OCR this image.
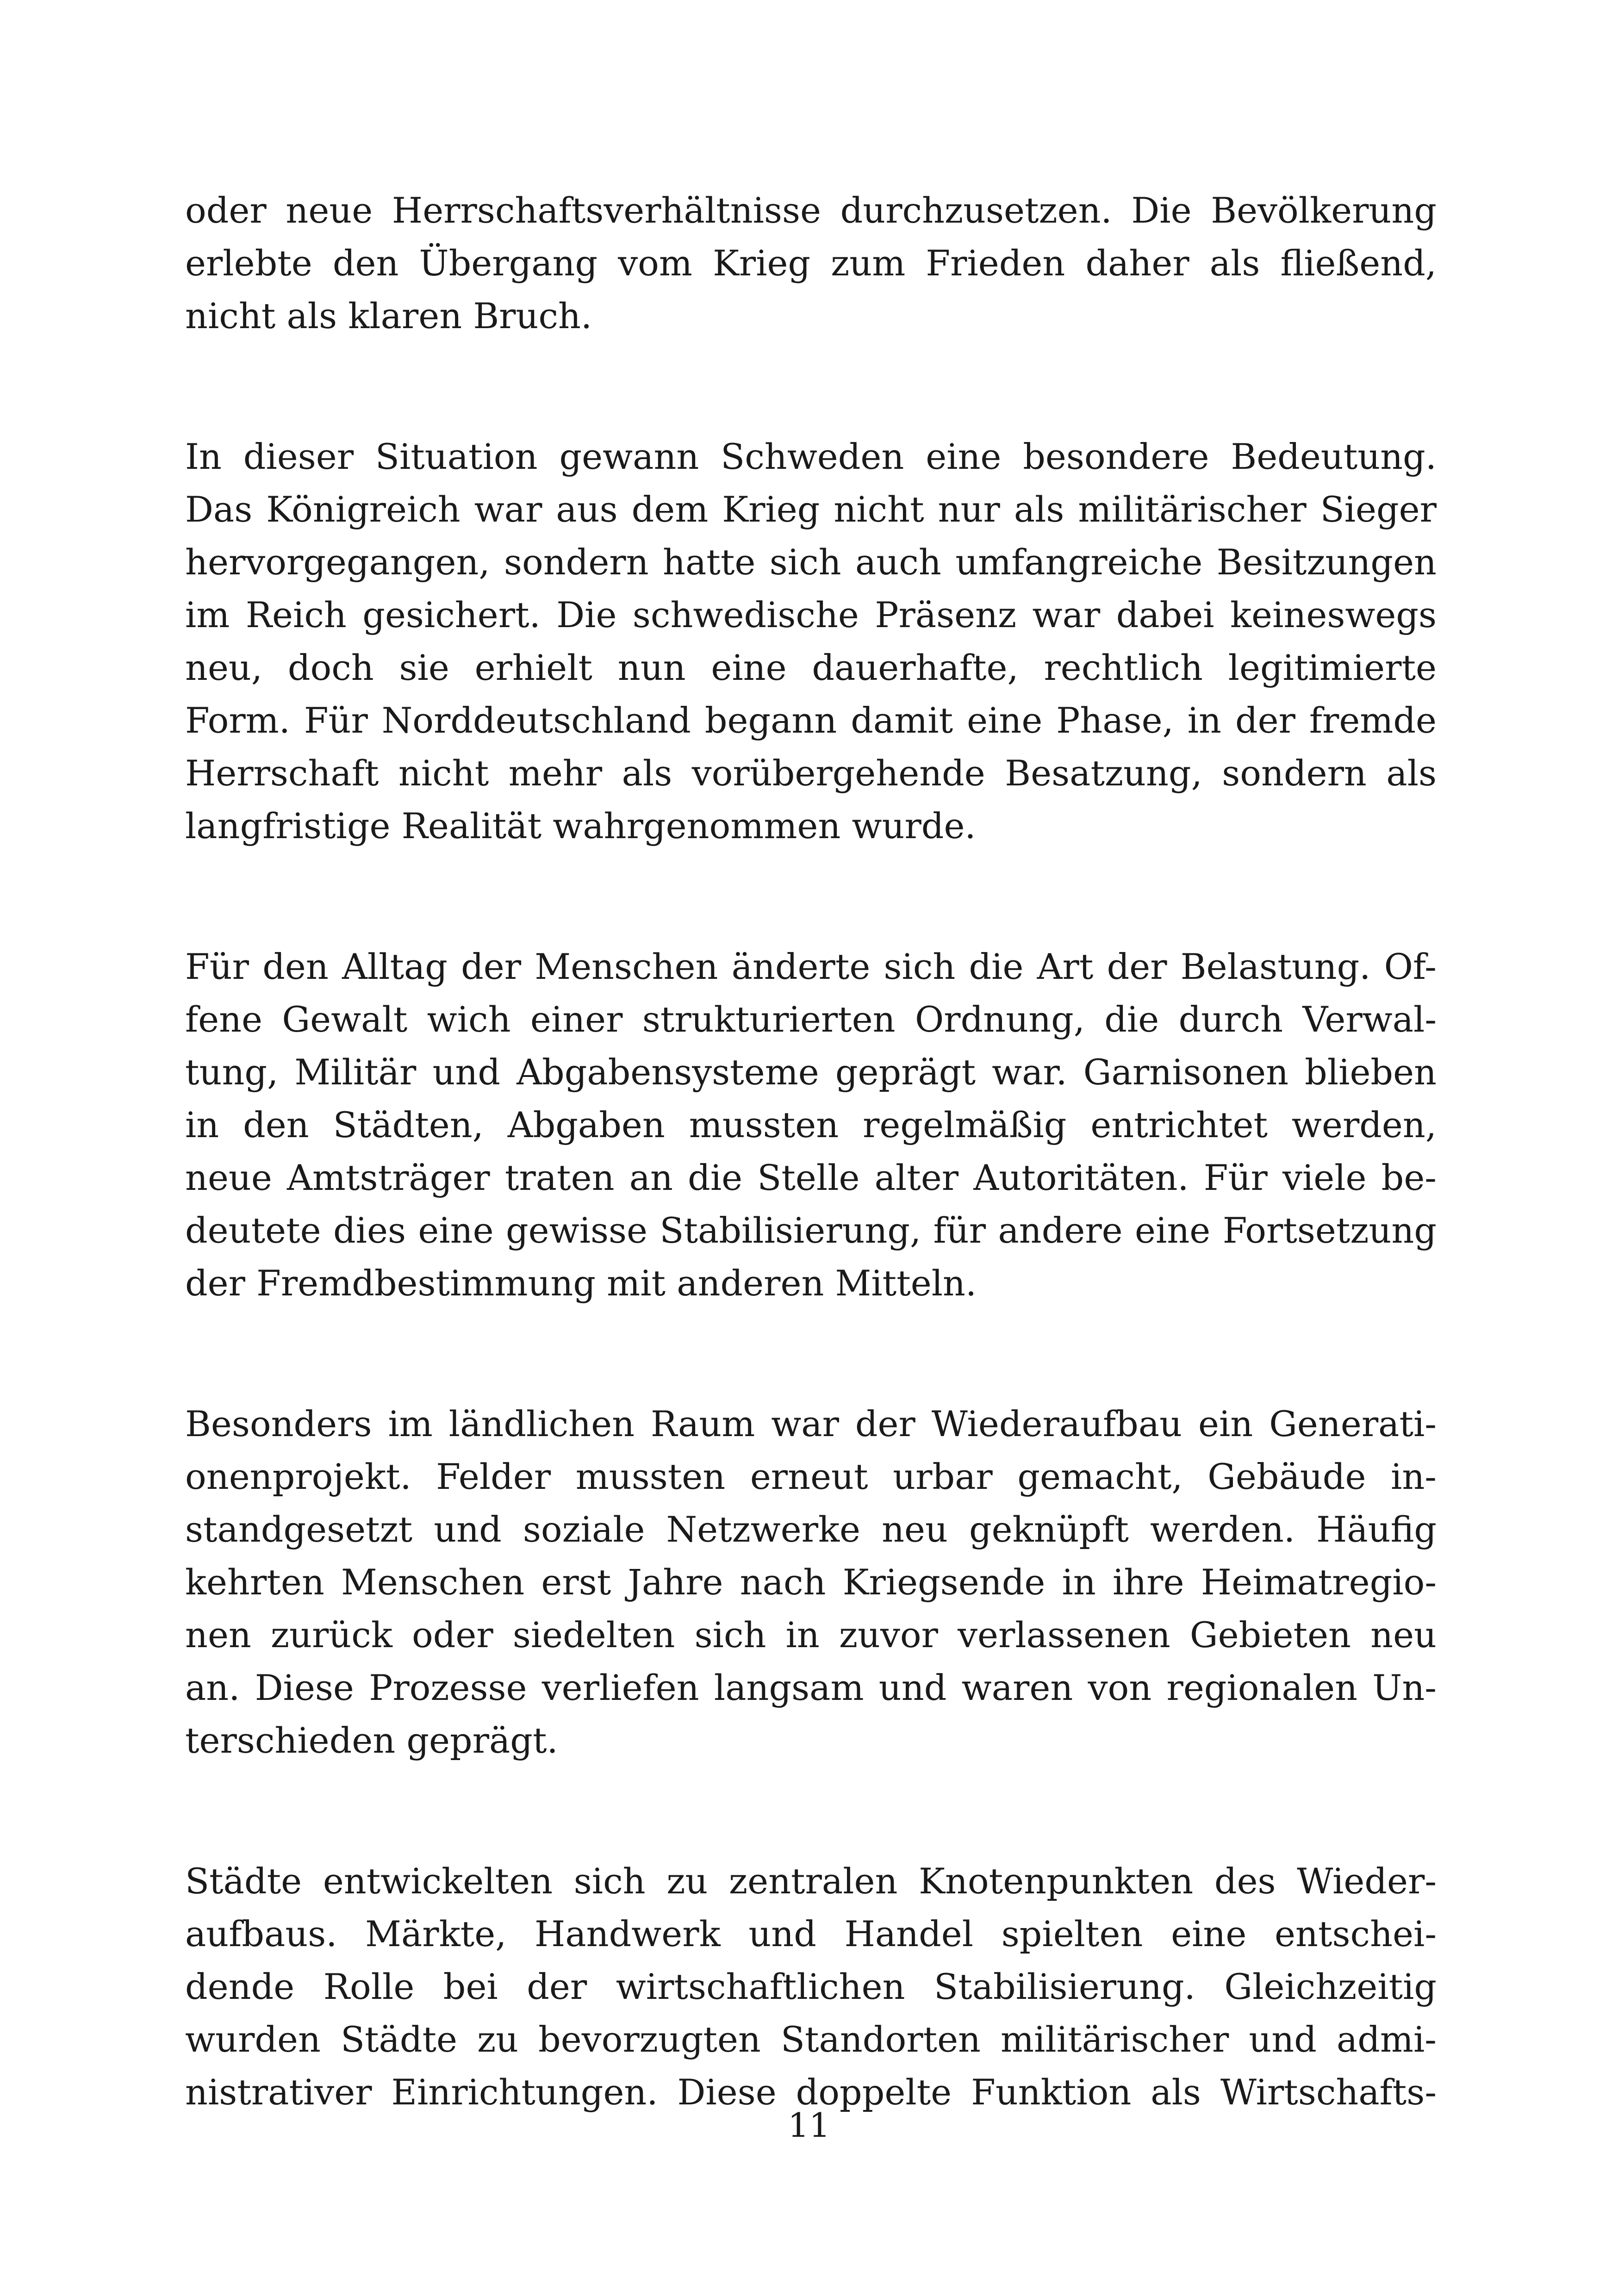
oder neue Herrschaftsverhältnisse durchzusetzen. Die Bevölkerung
erlebte den Übergang vom Krieg zum Frieden daher als fließend,
nicht als klaren Bruch.
In dieser Situation gewann Schweden eine besondere Bedeutung.
Das Königreich war aus dem Krieg nicht nur als militärischer Sieger
hervorgegangen, sondern hatte sich auch umfangreiche Besitzungen
im Reich gesichert. Die schwedische Präsenz war dabei keineswegs
neu, doch sie erhielt nun eine dauerhafte, rechtlich legitimierte
Form. Für Norddeutschland begann damit eine Phase, in der fremde
Herrschaft nicht mehr als vorübergehende Besatzung, sondern als
langfristige Realität wahrgenommen wurde.
Für den Alltag der Menschen änderte sich die Art der Belastung. Of-
fene Gewalt wich einer strukturierten Ordnung, die durch Verwal-
tung, Militär und Abgabensysteme geprägt war. Garnisonen blieben
in den Städten, Abgaben mussten regelmäßig entrichtet werden,
neue Amtsträger traten an die Stelle alter Autoritäten. Für viele be-
deutete dies eine gewisse Stabilisierung, für andere eine Fortsetzung
der Fremdbestimmung mit anderen Mitteln.
Besonders im ländlichen Raum war der Wiederaufbau ein Generati-
onenprojekt. Felder mussten erneut urbar gemacht, Gebäude in-
standgesetzt und soziale Netzwerke neu geknüpft werden. Häufig
kehrten Menschen erst Jahre nach Kriegsende in ihre Heimatregio-
nen zurück oder siedelten sich in zuvor verlassenen Gebieten neu
an. Diese Prozesse verliefen langsam und waren von regionalen Un-
terschieden geprägt.
Städte entwickelten sich zu zentralen Knotenpunkten des Wieder-
aufbaus. Märkte, Handwerk und Handel spielten eine entschei-
dende Rolle bei der wirtschaftlichen Stabilisierung. Gleichzeitig
wurden Städte zu bevorzugten Standorten militärischer und admi-
nistrativer Einrichtungen. Diese doppelte Funktion als Wirtschafts-
11
